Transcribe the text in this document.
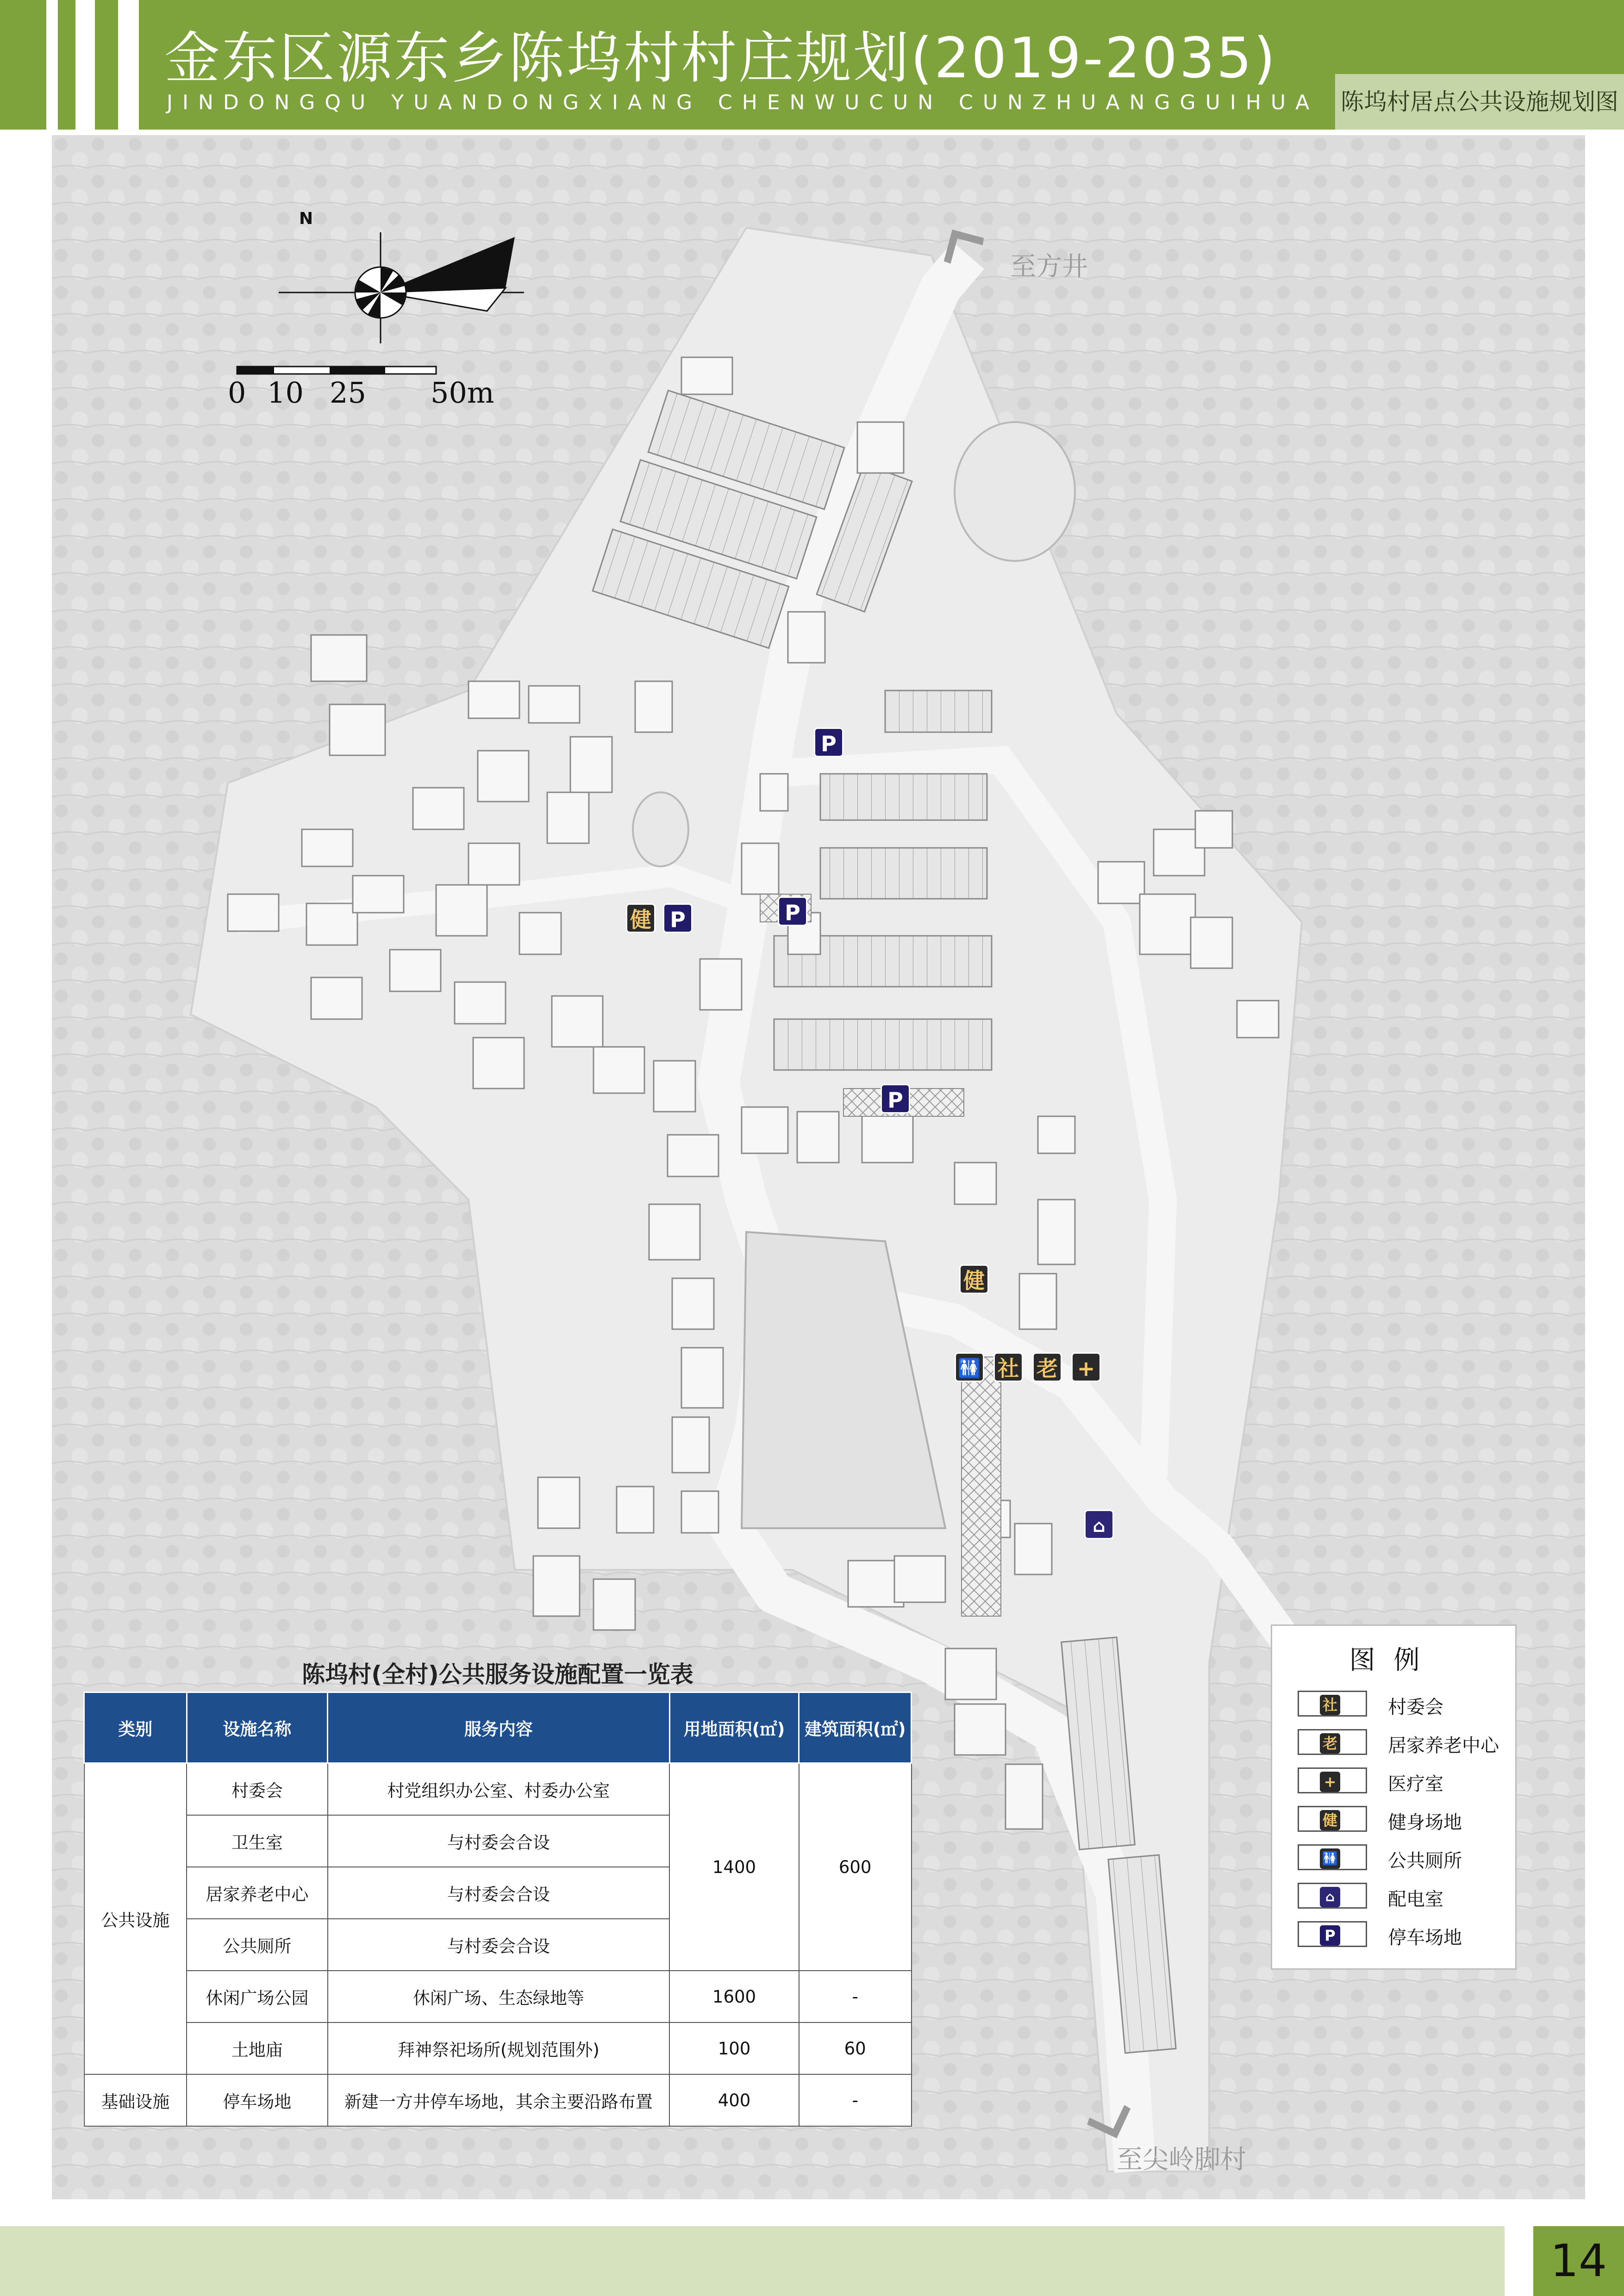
金东区源东乡陈坞村村庄规划(2019-2035)
JINDONGQU YUANDONGXIANG CHENWUCUN CUNZHUANGGUIHUA 陈坞村居点公共设施规划图
N
0 10 25 50m
至方井
至尖岭脚村
P
健 P	P
P
健
🚻 社 老 +
⌂
陈坞村(全村)公共服务设施配置一览表
类别	设施名称	服务内容	用地面积(㎡)	建筑面积(㎡)
公共设施	村委会	村党组织办公室、村委办公室	1400	600
	卫生室	与村委会合设		
	居家养老中心	与村委会合设		
	公共厕所	与村委会合设		
	休闲广场公园	休闲广场、生态绿地等	1600	-
	土地庙	拜神祭祀场所(规划范围外)	100	60
基础设施	停车场地	新建一方井停车场地，其余主要沿路布置	400	-
图例
社	村委会
老	居家养老中心
+	医疗室
健	健身场地
🚻	公共厕所
⌂	配电室
P	停车场地
14
